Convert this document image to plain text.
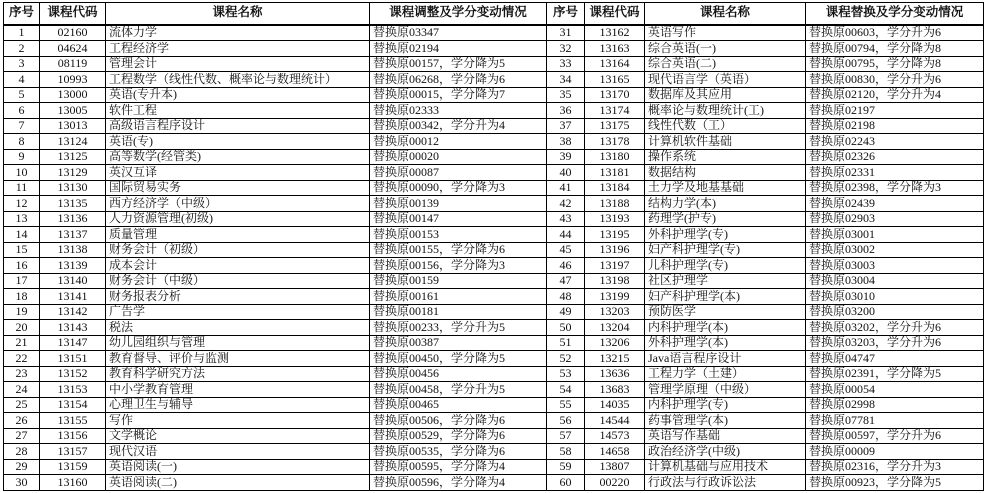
序号	课程代码	课程名称	课程调整及学分变动情况
1	02160	流体力学	替换原03347
2	04624	工程经济学	替换原02194
3	08119	管理会计	替换原00157，学分降为5
4	10993	工程数学（线性代数、概率论与数理统计）	替换原06268，学分降为6
5	13000	英语(专升本)	替换原00015，学分降为7
6	13005	软件工程	替换原02333
7	13013	高级语言程序设计	替换原00342，学分升为4
8	13124	英语(专)	替换原00012
9	13125	高等数学(经管类)	替换原00020
10	13129	英汉互译	替换原00087
11	13130	国际贸易实务	替换原00090，学分降为3
12	13135	西方经济学（中级）	替换原00139
13	13136	人力资源管理(初级)	替换原00147
14	13137	质量管理	替换原00153
15	13138	财务会计（初级）	替换原00155，学分降为6
16	13139	成本会计	替换原00156，学分降为3
17	13140	财务会计（中级）	替换原00159
18	13141	财务报表分析	替换原00161
19	13142	广告学	替换原00181
20	13143	税法	替换原00233，学分升为5
21	13147	幼儿园组织与管理	替换原00387
22	13151	教育督导、评价与监测	替换原00450，学分降为5
23	13152	教育科学研究方法	替换原00456
24	13153	中小学教育管理	替换原00458，学分升为5
25	13154	心理卫生与辅导	替换原00465
26	13155	写作	替换原00506，学分降为6
27	13156	文学概论	替换原00529，学分降为6
28	13157	现代汉语	替换原00535，学分降为6
29	13159	英语阅读(一)	替换原00595，学分降为4
30	13160	英语阅读(二)	替换原00596，学分降为4
序号	课程代码	课程名称	课程替换及学分变动情况
31	13162	英语写作	替换原00603，学分升为6
32	13163	综合英语(一)	替换原00794，学分降为8
33	13164	综合英语(二)	替换原00795，学分降为8
34	13165	现代语言学（英语）	替换原00830，学分升为6
35	13170	数据库及其应用	替换原02120，学分升为4
36	13174	概率论与数理统计(工)	替换原02197
37	13175	线性代数（工）	替换原02198
38	13178	计算机软件基础	替换原02243
39	13180	操作系统	替换原02326
40	13181	数据结构	替换原02331
41	13184	土力学及地基基础	替换原02398，学分降为3
42	13188	结构力学(本)	替换原02439
43	13193	药理学(护专)	替换原02903
44	13195	外科护理学(专)	替换原03001
45	13196	妇产科护理学(专)	替换原03002
46	13197	儿科护理学(专)	替换原03003
47	13198	社区护理学	替换原03004
48	13199	妇产科护理学(本)	替换原03010
49	13203	预防医学	替换原03200
50	13204	内科护理学(本)	替换原03202，学分升为6
51	13206	外科护理学(本)	替换原03203，学分升为6
52	13215	Java语言程序设计	替换原04747
53	13636	工程力学（土建）	替换原02391，学分降为5
54	13683	管理学原理（中级）	替换原00054
55	14035	内科护理学(专)	替换原02998
56	14544	药事管理学(本)	替换原07781
57	14573	英语写作基础	替换原00597，学分升为6
58	14658	政治经济学(中级)	替换原00009
59	13807	计算机基础与应用技术	替换原02316，学分升为3
60	00220	行政法与行政诉讼法	替换原00923，学分降为5
